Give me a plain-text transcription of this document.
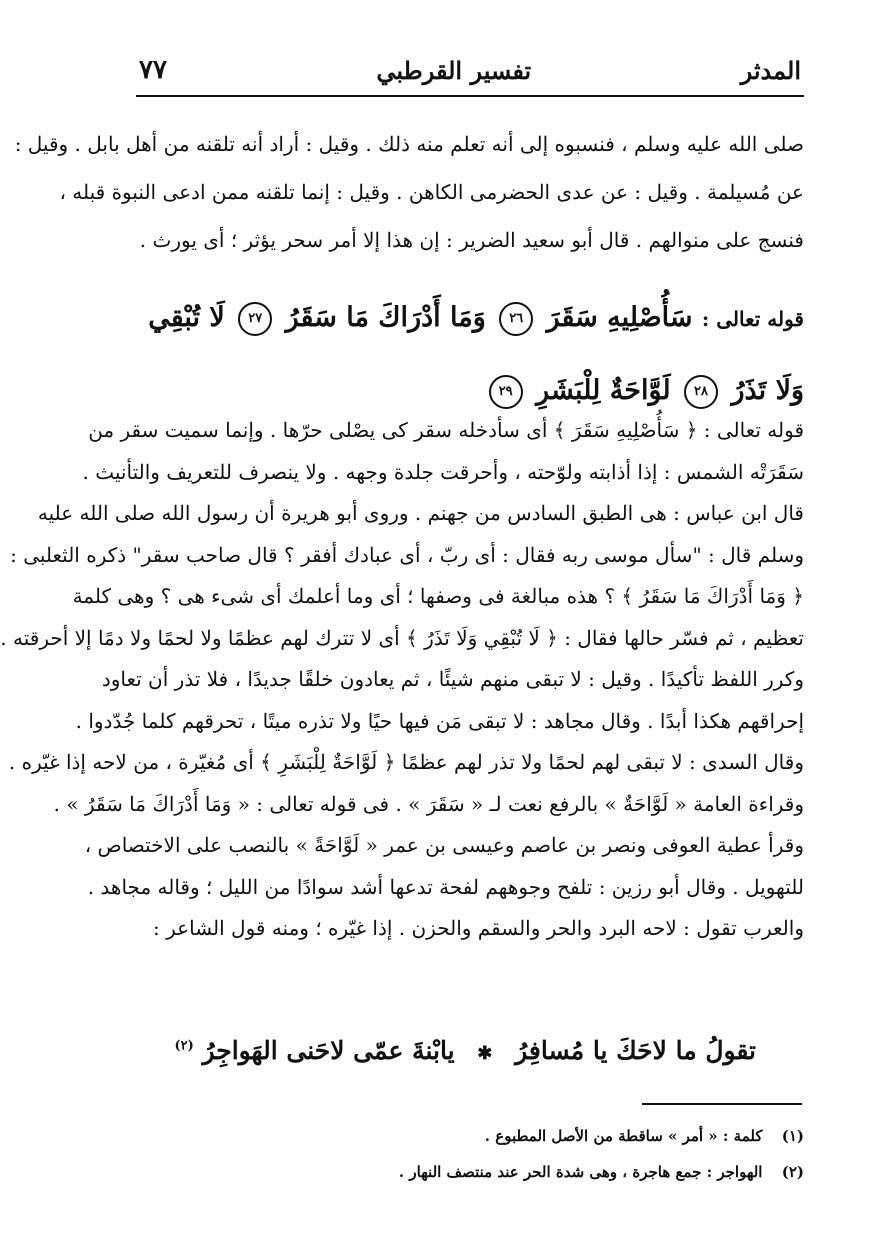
المدثر
تفسير القرطبي
٧٧
صلى الله عليه وسلم ، فنسبوه إلى أنه تعلم منه ذلك . وقيل : أراد أنه تلقنه من أهل بابل . وقيل :
عن مُسيلمة . وقيل : عن عدى الحضرمى الكاهن . وقيل : إنما تلقنه ممن ادعى النبوة قبله ،
فنسج على منوالهم . قال أبو سعيد الضرير : إن هذا إلا أمر سحر يؤثر ؛ أى يورث .
قوله تعالى : سَأُصْلِيهِ سَقَرَ ٢٦ وَمَا أَدْرَاكَ مَا سَقَرُ ٢٧ لَا تُبْقِي
وَلَا تَذَرُ ٢٨ لَوَّاحَةٌ لِلْبَشَرِ ٢٩
قوله تعالى : ﴿ سَأُصْلِيهِ سَقَرَ ﴾ أى سأدخله سقر كى يصْلى حرّها . وإنما سميت سقر من
سَقَرَتْه الشمس : إذا أذابته ولوّحته ، وأحرقت جلدة وجهه . ولا ينصرف للتعريف والتأنيث .
قال ابن عباس : هى الطبق السادس من جهنم . وروى أبو هريرة أن رسول الله صلى الله عليه
وسلم قال : "سأل موسى ربه فقال : أى ربّ ، أى عبادك أفقر ؟ قال صاحب سقر" ذكره الثعلبى :
﴿ وَمَا أَدْرَاكَ مَا سَقَرُ ﴾ ؟ هذه مبالغة فى وصفها ؛ أى وما أعلمك أى شىء هى ؟ وهى كلمة
تعظيم ، ثم فسّر حالها فقال : ﴿ لَا تُبْقِي وَلَا تَذَرُ ﴾ أى لا تترك لهم عظمًا ولا لحمًا ولا دمًا إلا أحرقته .
وكرر اللفظ تأكيدًا . وقيل : لا تبقى منهم شيئًا ، ثم يعادون خلقًا جديدًا ، فلا تذر أن تعاود
إحراقهم هكذا أبدًا . وقال مجاهد : لا تبقى مَن فيها حيًا ولا تذره ميتًا ، تحرقهم كلما جُدّدوا .
وقال السدى : لا تبقى لهم لحمًا ولا تذر لهم عظمًا ﴿ لَوَّاحَةٌ لِلْبَشَرِ ﴾ أى مُغيّرة ، من لاحه إذا غيّره .
وقراءة العامة « لَوَّاحَةٌ » بالرفع نعت لـ « سَقَرَ » . فى قوله تعالى : « وَمَا أَدْرَاكَ مَا سَقَرُ » .
وقرأ عطية العوفى ونصر بن عاصم وعيسى بن عمر « لَوَّاحَةً » بالنصب على الاختصاص ،
للتهويل . وقال أبو رزين : تلفح وجوههم لفحة تدعها أشد سوادًا من الليل ؛ وقاله مجاهد .
والعرب تقول : لاحه البرد والحر والسقم والحزن . إذا غيّره ؛ ومنه قول الشاعر :
تقولُ ما لاحَكَ يا مُسافِرُ ✱ يابْنةَ عمّى لاحَنى الهَواجِرُ $^{(٢)}$
(١) كلمة : « أمر » ساقطة من الأصل المطبوع .
(٢) الهواجر : جمع هاجرة ، وهى شدة الحر عند منتصف النهار .
